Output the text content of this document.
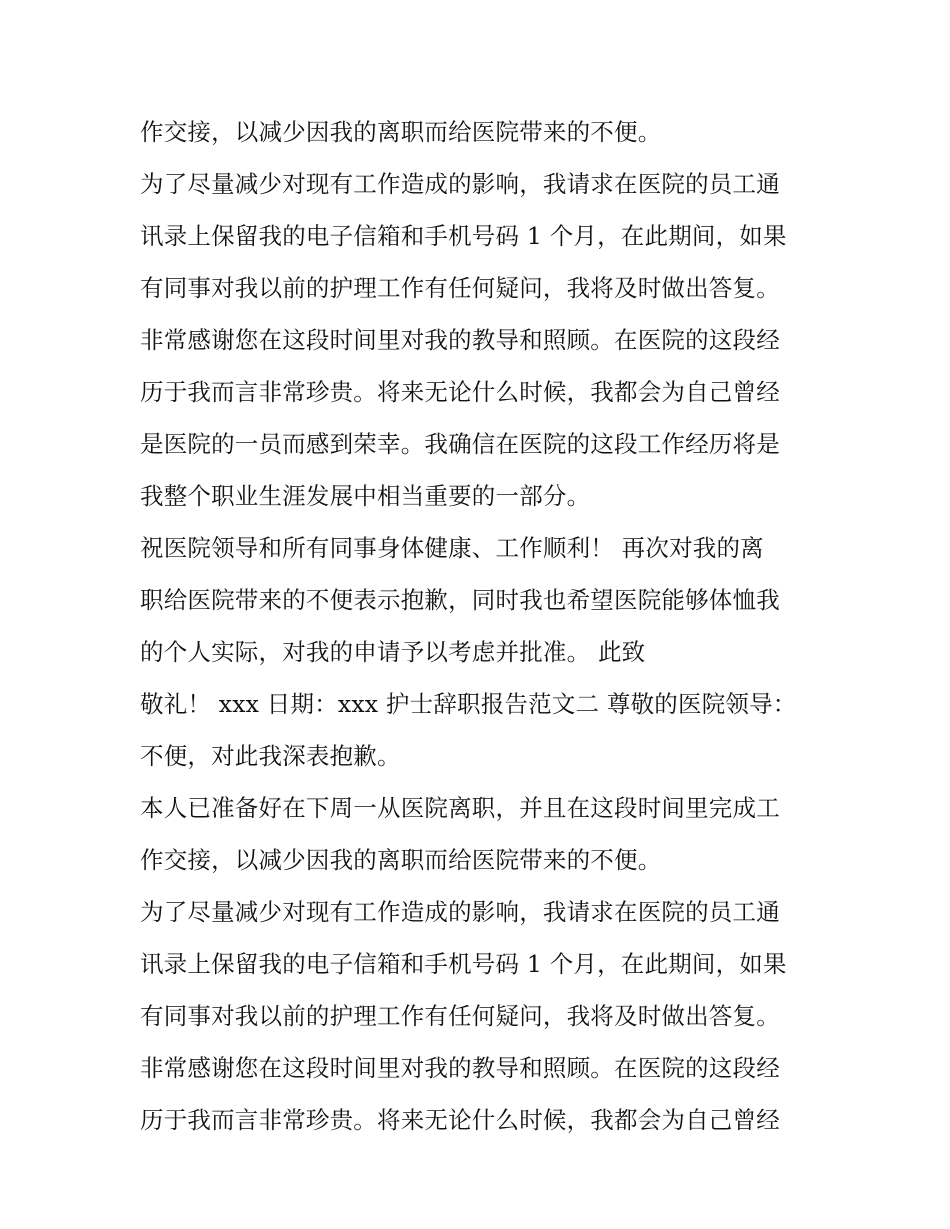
作交接，以减少因我的离职而给医院带来的不便。
为了尽量减少对现有工作造成的影响，我请求在医院的员工通
讯录上保留我的电子信箱和手机号码 1 个月，在此期间，如果
有同事对我以前的护理工作有任何疑问，我将及时做出答复。
非常感谢您在这段时间里对我的教导和照顾。在医院的这段经
历于我而言非常珍贵。将来无论什么时候，我都会为自己曾经
是医院的一员而感到荣幸。我确信在医院的这段工作经历将是
我整个职业生涯发展中相当重要的一部分。
祝医院领导和所有同事身体健康、工作顺利！ 再次对我的离
职给医院带来的不便表示抱歉，同时我也希望医院能够体恤我
的个人实际，对我的申请予以考虑并批准。 此致
敬礼！ xxx 日期：xxx 护士辞职报告范文二 尊敬的医院领导：
不便，对此我深表抱歉。
本人已准备好在下周一从医院离职，并且在这段时间里完成工
作交接，以减少因我的离职而给医院带来的不便。
为了尽量减少对现有工作造成的影响，我请求在医院的员工通
讯录上保留我的电子信箱和手机号码 1 个月，在此期间，如果
有同事对我以前的护理工作有任何疑问，我将及时做出答复。
非常感谢您在这段时间里对我的教导和照顾。在医院的这段经
历于我而言非常珍贵。将来无论什么时候，我都会为自己曾经
